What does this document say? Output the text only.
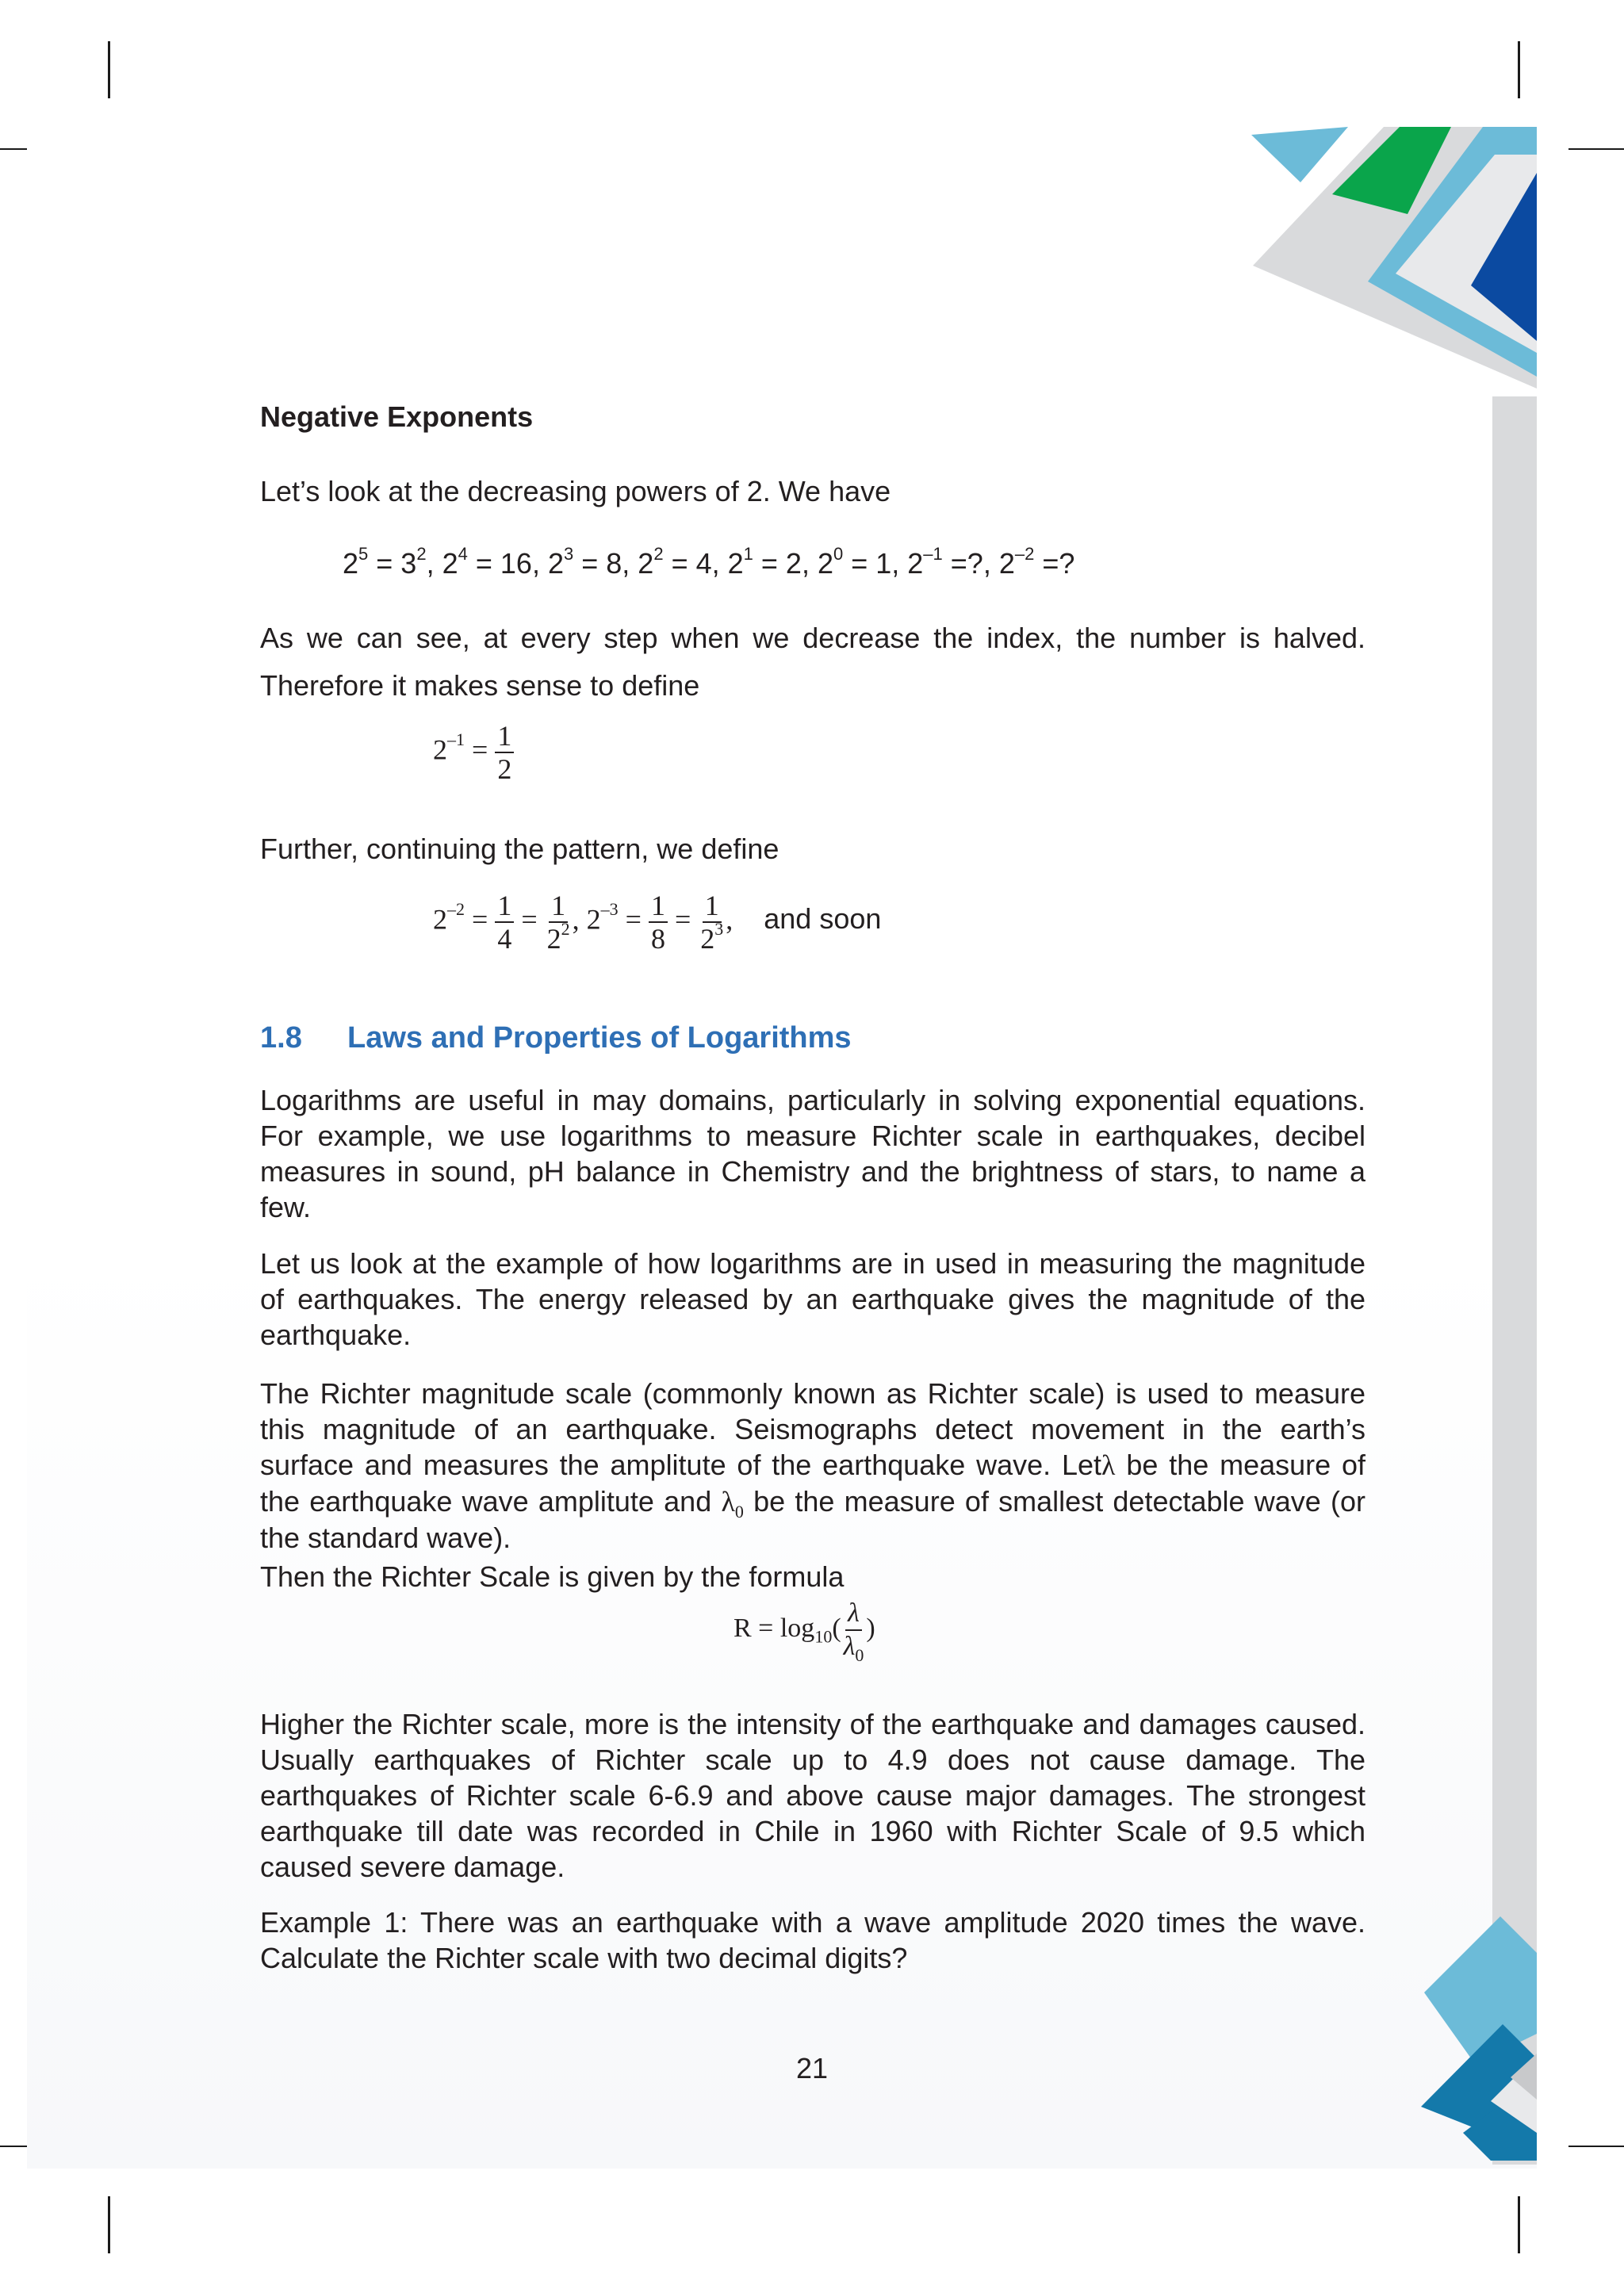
Negative Exponents
Let’s look at the decreasing powers of 2. We have
$2^5 = 3^2$, $2^4 = 16$, $2^3 = 8$, $2^2 = 4$, $2^1 = 2$, $2^0 = 1$, $2^{-1}$ =?, $2^{-2}$ =?
As we can see, at every step when we decrease the index, the number is halved. Therefore it makes sense to define
$2^{-1} = \frac{1}{2}$
Further, continuing the pattern, we define
$2^{-2} = \frac{1}{4} = \frac{1}{2^2}$ , $2^{-3} = \frac{1}{8} = \frac{1}{2^3}$ , and soon
1.8 Laws and Properties of Logarithms
Logarithms are useful in may domains, particularly in solving exponential equations. For example, we use logarithms to measure Richter scale in earthquakes, decibel measures in sound, pH balance in Chemistry and the brightness of stars, to name a few.
Let us look at the example of how logarithms are in used in measuring the magnitude of earthquakes. The energy released by an earthquake gives the magnitude of the earthquake.
The Richter magnitude scale (commonly known as Richter scale) is used to measure this magnitude of an earthquake. Seismographs detect movement in the earth’s surface and measures the amplitute of the earthquake wave. Letλ be the measure of the earthquake wave amplitute and $\lambda_0$ be the measure of smallest detectable wave (or the standard wave).
Then the Richter Scale is given by the formula
$R = \log_{10}( \frac{\lambda}{\lambda_0}$ )
Higher the Richter scale, more is the intensity of the earthquake and damages caused. Usually earthquakes of Richter scale up to 4.9 does not cause damage. The earthquakes of Richter scale 6-6.9 and above cause major damages. The strongest earthquake till date was recorded in Chile in 1960 with Richter Scale of 9.5 which caused severe damage.
Example 1: There was an earthquake with a wave amplitude 2020 times the wave. Calculate the Richter scale with two decimal digits?
21
